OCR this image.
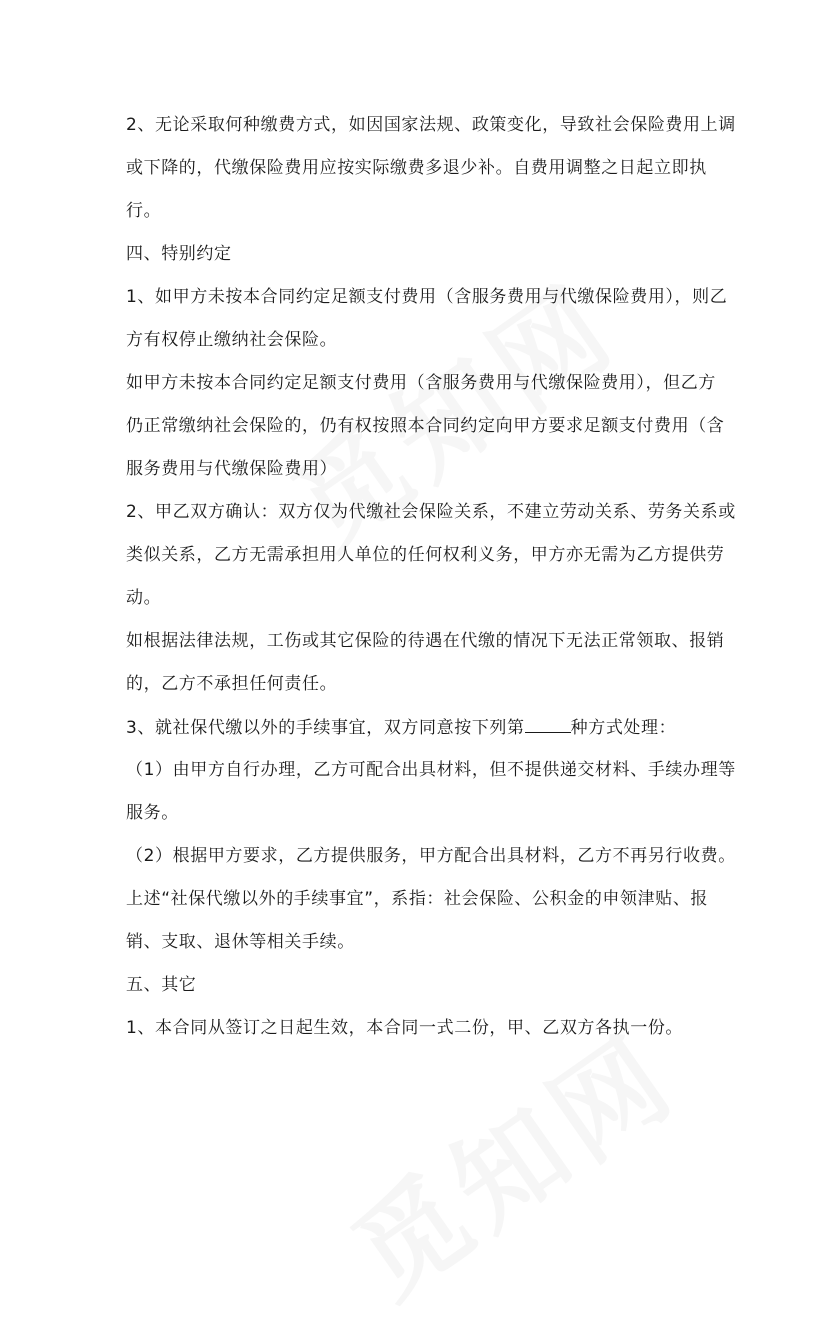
2、无论采取何种缴费方式，如因国家法规、政策变化，导致社会保险费用上调
或下降的，代缴保险费用应按实际缴费多退少补。自费用调整之日起立即执
行。
四、特别约定
1、如甲方未按本合同约定足额支付费用（含服务费用与代缴保险费用），则乙
方有权停止缴纳社会保险。
如甲方未按本合同约定足额支付费用（含服务费用与代缴保险费用），但乙方
仍正常缴纳社会保险的，仍有权按照本合同约定向甲方要求足额支付费用（含
服务费用与代缴保险费用）
2、甲乙双方确认：双方仅为代缴社会保险关系，不建立劳动关系、劳务关系或
类似关系，乙方无需承担用人单位的任何权利义务，甲方亦无需为乙方提供劳
动。
如根据法律法规，工伤或其它保险的待遇在代缴的情况下无法正常领取、报销
的，乙方不承担任何责任。
3、就社保代缴以外的手续事宜，双方同意按下列第	种方式处理：
（1）由甲方自行办理，乙方可配合出具材料，但不提供递交材料、手续办理等
服务。
（2）根据甲方要求，乙方提供服务，甲方配合出具材料，乙方不再另行收费。
上述“社保代缴以外的手续事宜”，系指：社会保险、公积金的申领津贴、报
销、支取、退休等相关手续。
五、其它
1、本合同从签订之日起生效，本合同一式二份，甲、乙双方各执一份。
